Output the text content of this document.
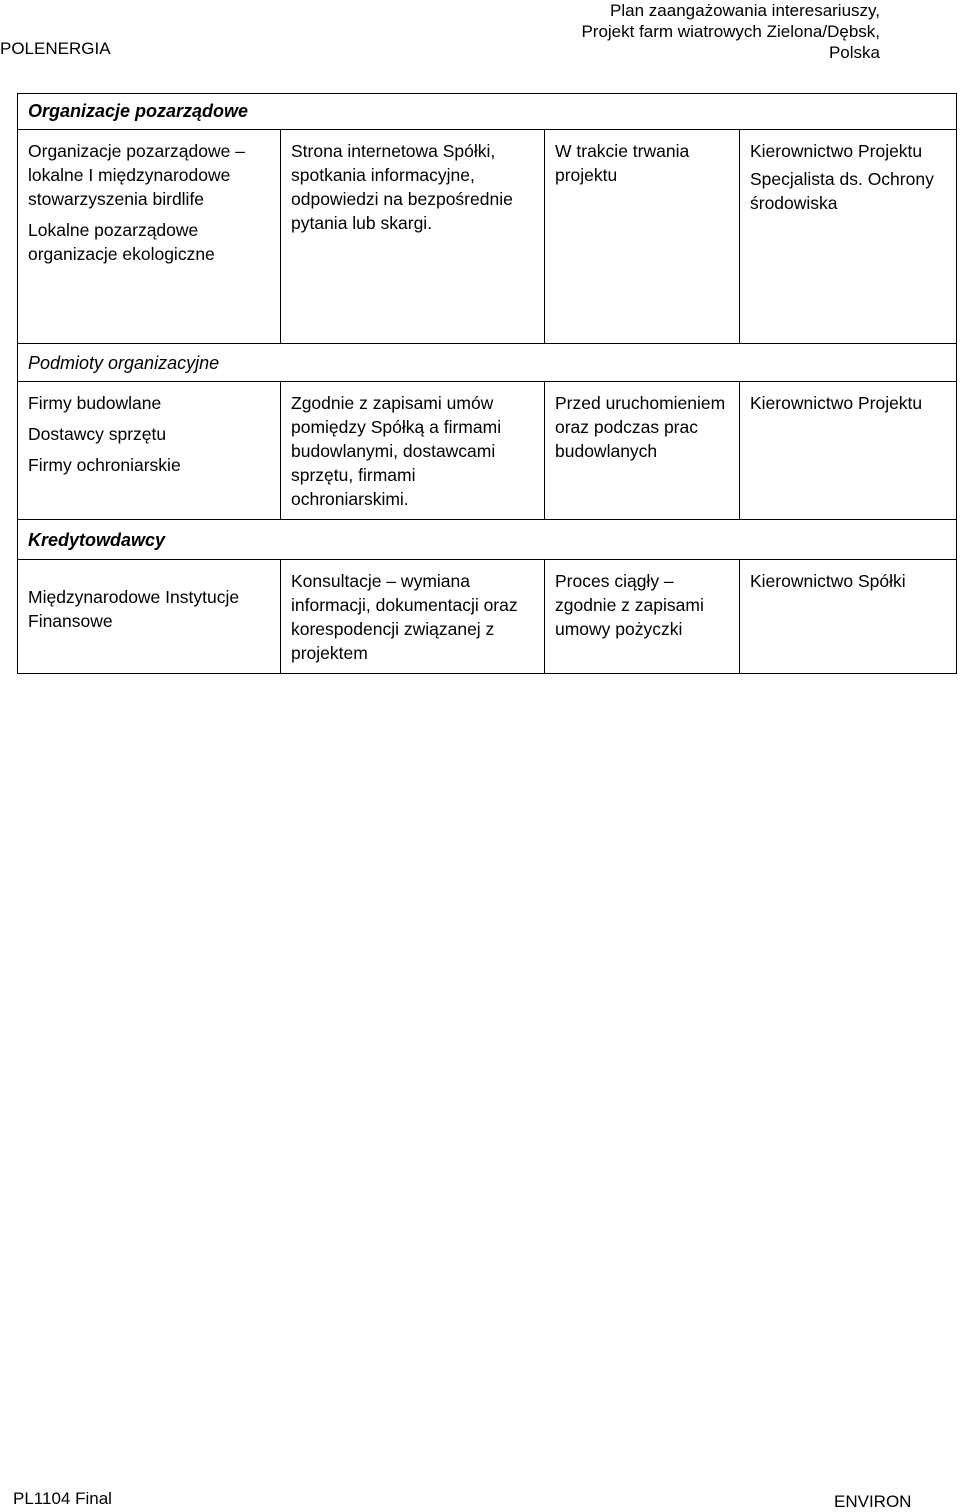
POLENERGIA
Plan zaangażowania interesariuszy,
Projekt farm wiatrowych Zielona/Dębsk,
Polska
Organizacje pozarządowe			

Organizacje pozarządowe – lokalne I międzynarodowe stowarzyszenia birdlife
Lokalne pozarządowe organizacje ekologiczne	Strona internetowa Spółki, spotkania informacyjne, odpowiedzi na bezpośrednie pytania lub skargi.	W trakcie trwania projektu	Kierownictwo Projektu
Specjalista ds. Ochrony środowiska

Podmioty organizacyjne			

Firmy budowlane
Dostawcy sprzętu
Firmy ochroniarskie	Zgodnie z zapisami umów pomiędzy Spółką a firmami budowlanymi, dostawcami sprzętu, firmami ochroniarskimi.	Przed uruchomieniem oraz podczas prac budowlanych	Kierownictwo Projektu
Kredytowdawcy			
Międzynarodowe Instytucje Finansowe	Konsultacje – wymiana informacji, dokumentacji oraz korespodencji związanej z projektem	Proces ciągły – zgodnie z zapisami umowy pożyczki	Kierownictwo Spółki
PL1104 Final	ENVIRON
